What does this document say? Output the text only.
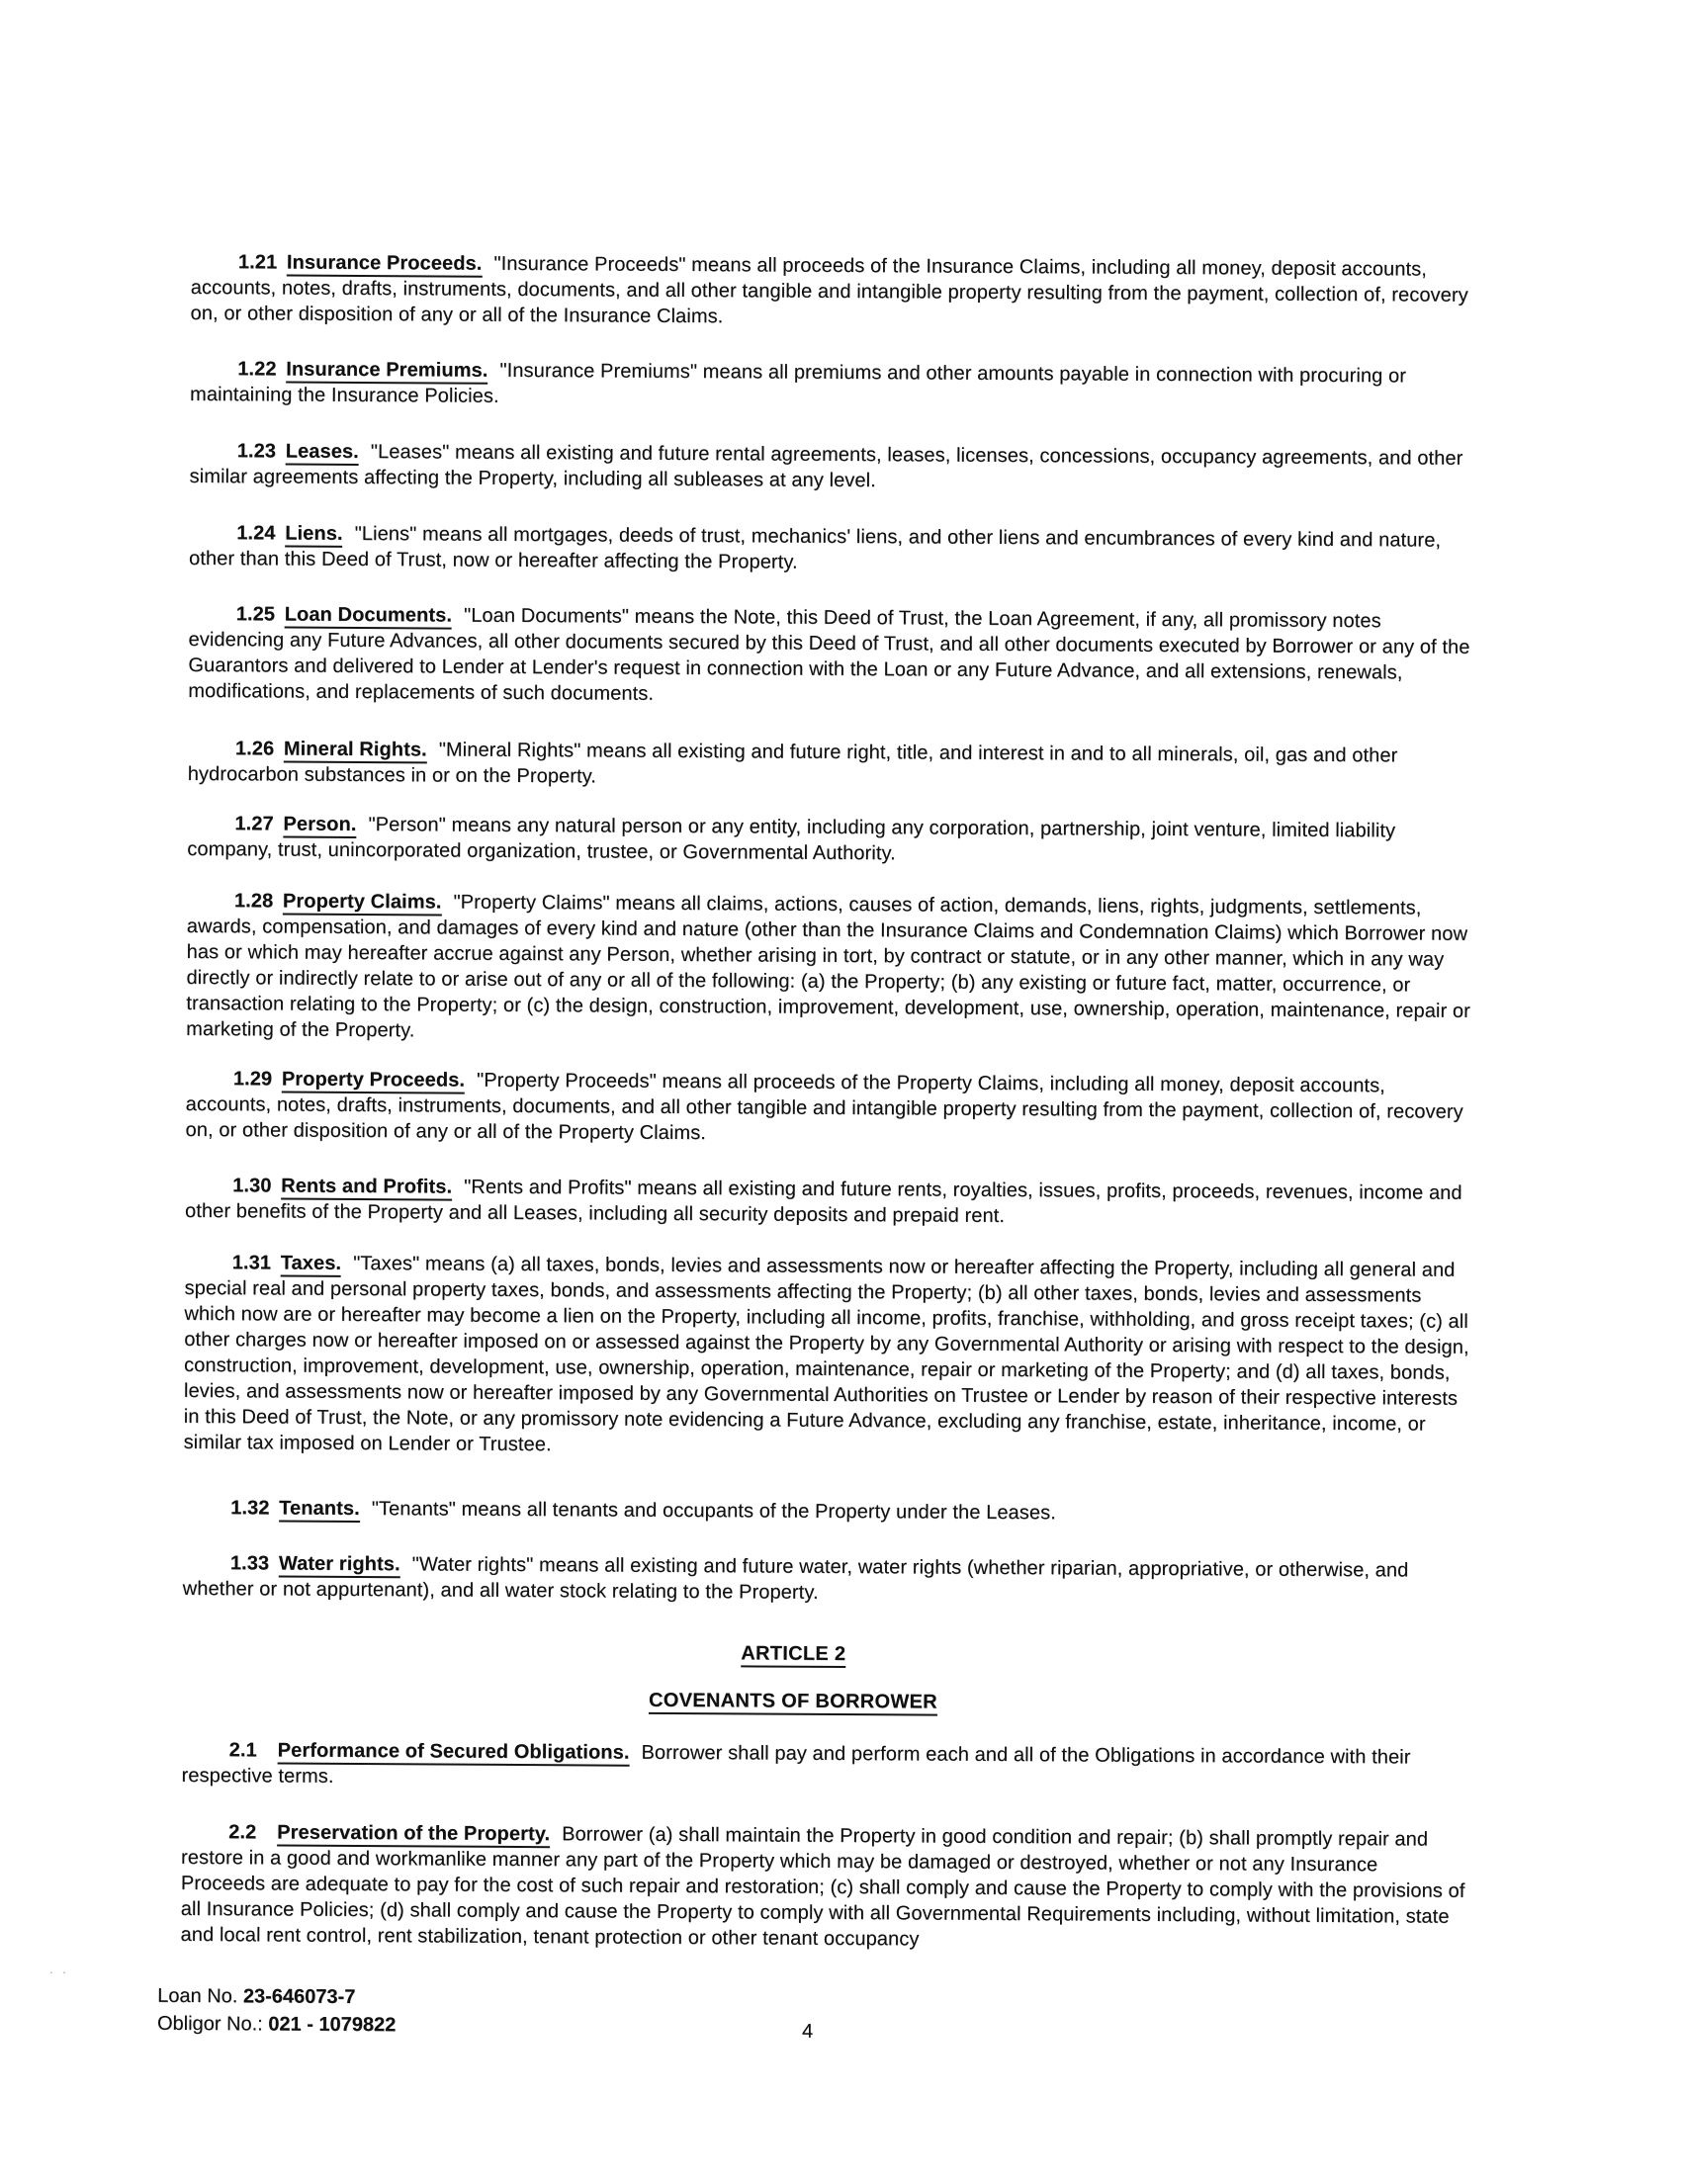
1.21 Insurance Proceeds. "Insurance Proceeds" means all proceeds of the Insurance Claims, including all money, deposit accounts, accounts, notes, drafts, instruments, documents, and all other tangible and intangible property resulting from the payment, collection of, recovery on, or other disposition of any or all of the Insurance Claims.

1.22 Insurance Premiums. "Insurance Premiums" means all premiums and other amounts payable in connection with procuring or maintaining the Insurance Policies.

1.23 Leases. "Leases" means all existing and future rental agreements, leases, licenses, concessions, occupancy agreements, and other similar agreements affecting the Property, including all subleases at any level.

1.24 Liens. "Liens" means all mortgages, deeds of trust, mechanics' liens, and other liens and encumbrances of every kind and nature, other than this Deed of Trust, now or hereafter affecting the Property.

1.25 Loan Documents. "Loan Documents" means the Note, this Deed of Trust, the Loan Agreement, if any, all promissory notes evidencing any Future Advances, all other documents secured by this Deed of Trust, and all other documents executed by Borrower or any of the Guarantors and delivered to Lender at Lender's request in connection with the Loan or any Future Advance, and all extensions, renewals, modifications, and replacements of such documents.

1.26 Mineral Rights. "Mineral Rights" means all existing and future right, title, and interest in and to all minerals, oil, gas and other hydrocarbon substances in or on the Property.

1.27 Person. "Person" means any natural person or any entity, including any corporation, partnership, joint venture, limited liability company, trust, unincorporated organization, trustee, or Governmental Authority.

1.28 Property Claims. "Property Claims" means all claims, actions, causes of action, demands, liens, rights, judgments, settlements, awards, compensation, and damages of every kind and nature (other than the Insurance Claims and Condemnation Claims) which Borrower now has or which may hereafter accrue against any Person, whether arising in tort, by contract or statute, or in any other manner, which in any way directly or indirectly relate to or arise out of any or all of the following: (a) the Property; (b) any existing or future fact, matter, occurrence, or transaction relating to the Property; or (c) the design, construction, improvement, development, use, ownership, operation, maintenance, repair or marketing of the Property.

1.29 Property Proceeds. "Property Proceeds" means all proceeds of the Property Claims, including all money, deposit accounts, accounts, notes, drafts, instruments, documents, and all other tangible and intangible property resulting from the payment, collection of, recovery on, or other disposition of any or all of the Property Claims.

1.30 Rents and Profits. "Rents and Profits" means all existing and future rents, royalties, issues, profits, proceeds, revenues, income and other benefits of the Property and all Leases, including all security deposits and prepaid rent.

1.31 Taxes. "Taxes" means (a) all taxes, bonds, levies and assessments now or hereafter affecting the Property, including all general and special real and personal property taxes, bonds, and assessments affecting the Property; (b) all other taxes, bonds, levies and assessments which now are or hereafter may become a lien on the Property, including all income, profits, franchise, withholding, and gross receipt taxes; (c) all other charges now or hereafter imposed on or assessed against the Property by any Governmental Authority or arising with respect to the design, construction, improvement, development, use, ownership, operation, maintenance, repair or marketing of the Property; and (d) all taxes, bonds, levies, and assessments now or hereafter imposed by any Governmental Authorities on Trustee or Lender by reason of their respective interests in this Deed of Trust, the Note, or any promissory note evidencing a Future Advance, excluding any franchise, estate, inheritance, income, or similar tax imposed on Lender or Trustee.

1.32 Tenants. "Tenants" means all tenants and occupants of the Property under the Leases.

1.33 Water rights. "Water rights" means all existing and future water, water rights (whether riparian, appropriative, or otherwise, and whether or not appurtenant), and all water stock relating to the Property.

ARTICLE 2
COVENANTS OF BORROWER

2.1 Performance of Secured Obligations. Borrower shall pay and perform each and all of the Obligations in accordance with their respective terms.

2.2 Preservation of the Property. Borrower (a) shall maintain the Property in good condition and repair; (b) shall promptly repair and restore in a good and workmanlike manner any part of the Property which may be damaged or destroyed, whether or not any Insurance Proceeds are adequate to pay for the cost of such repair and restoration; (c) shall comply and cause the Property to comply with the provisions of all Insurance Policies; (d) shall comply and cause the Property to comply with all Governmental Requirements including, without limitation, state and local rent control, rent stabilization, tenant protection or other tenant occupancy

Loan No. 23-646073-7
Obligor No.: 021 - 1079822	4
. .
